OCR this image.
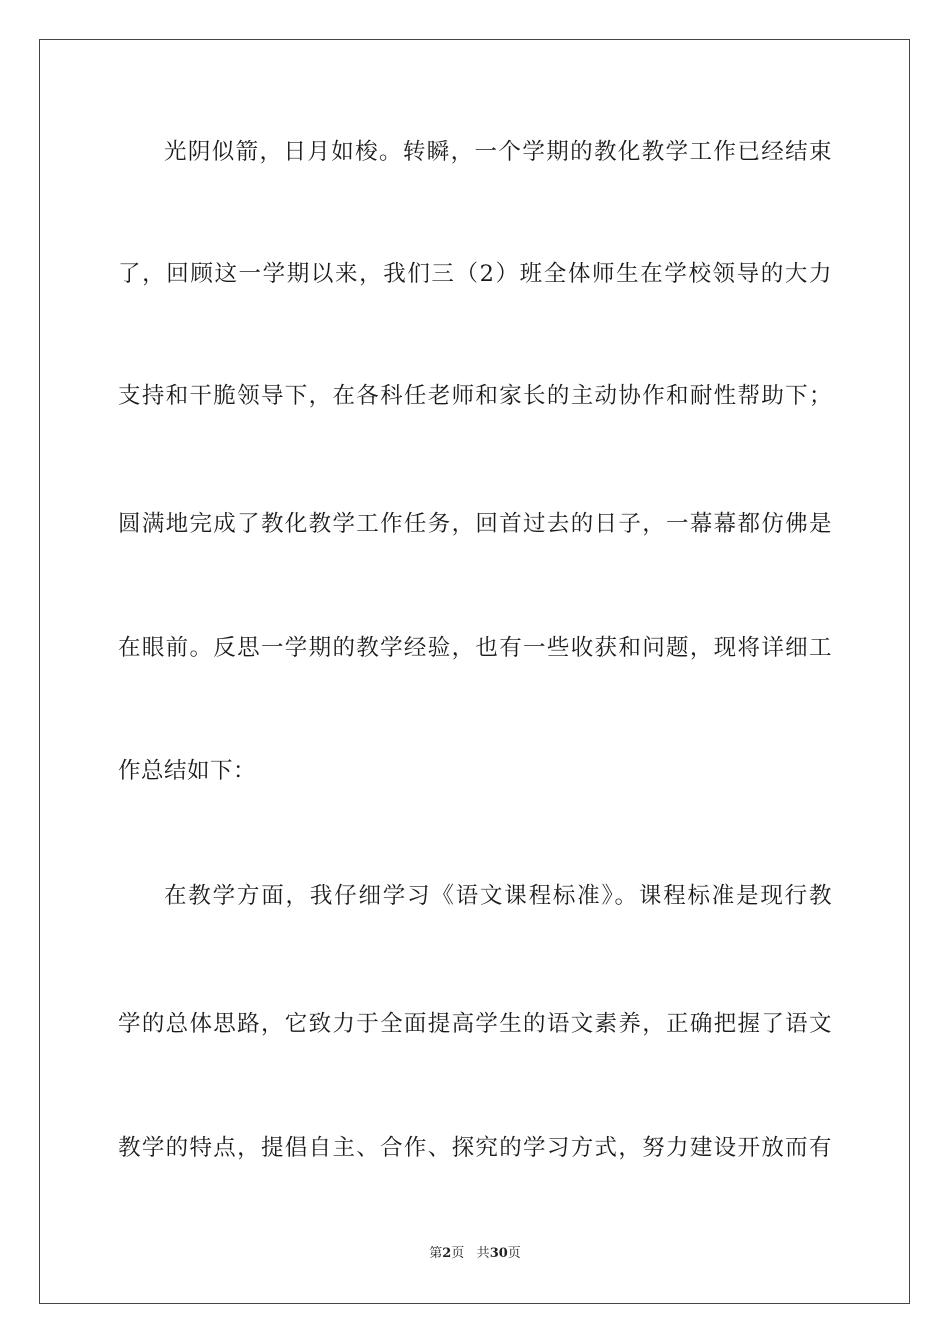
光阴似箭，日月如梭。转瞬，一个学期的教化教学工作已经结束
了，回顾这一学期以来，我们三（2）班全体师生在学校领导的大力
支持和干脆领导下，在各科任老师和家长的主动协作和耐性帮助下；
圆满地完成了教化教学工作任务，回首过去的日子，一幕幕都仿佛是
在眼前。反思一学期的教学经验，也有一些收获和问题，现将详细工
作总结如下：
在教学方面，我仔细学习《语文课程标准》。课程标准是现行教
学的总体思路，它致力于全面提高学生的语文素养，正确把握了语文
教学的特点，提倡自主、合作、探究的学习方式，努力建设开放而有
第2页 共30页
